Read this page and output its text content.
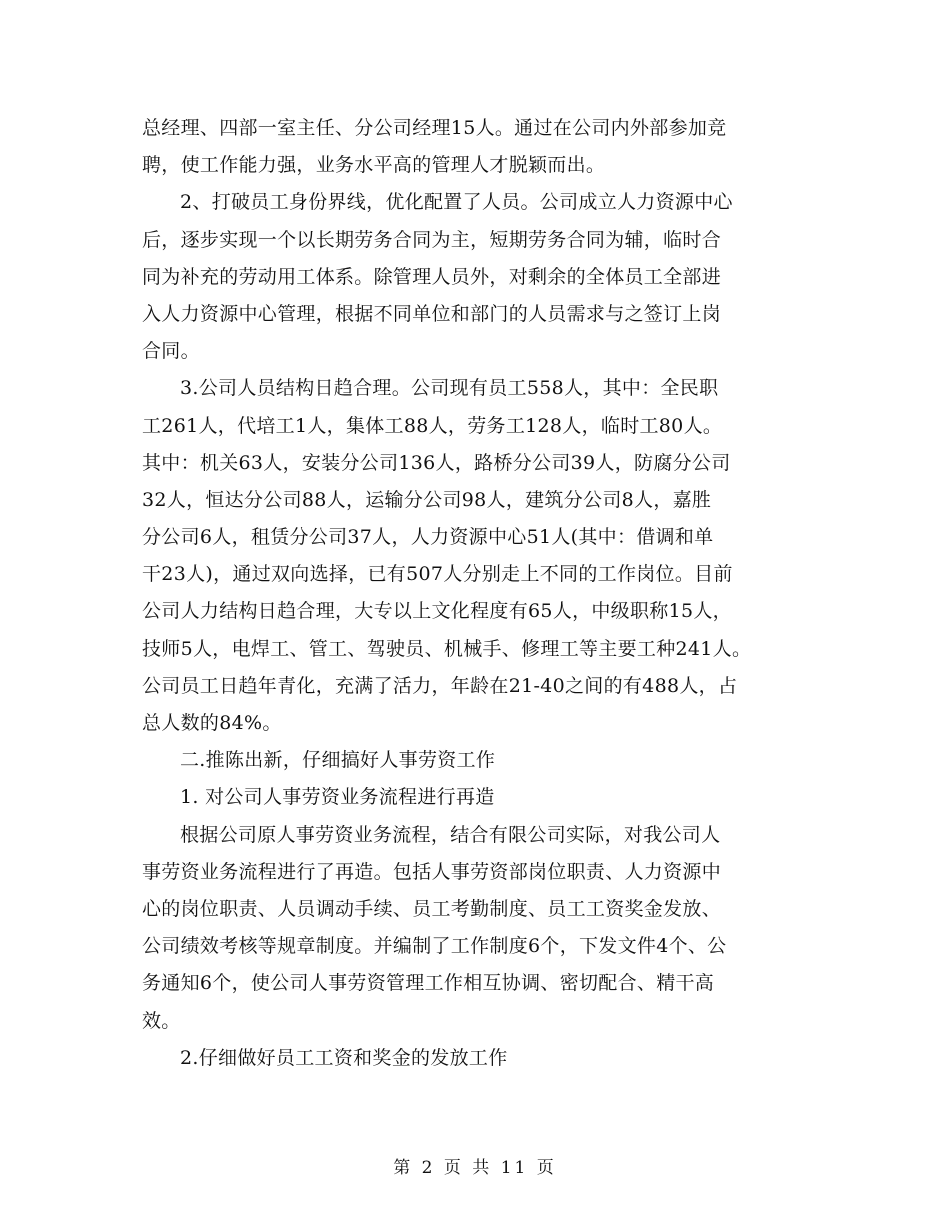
总经理、四部一室主任、分公司经理15人。通过在公司内外部参加竞
聘，使工作能力强，业务水平高的管理人才脱颖而出。
2、打破员工身份界线，优化配置了人员。公司成立人力资源中心
后，逐步实现一个以长期劳务合同为主，短期劳务合同为辅，临时合
同为补充的劳动用工体系。除管理人员外，对剩余的全体员工全部进
入人力资源中心管理，根据不同单位和部门的人员需求与之签订上岗
合同。
3.公司人员结构日趋合理。公司现有员工558人，其中：全民职
工261人，代培工1人，集体工88人，劳务工128人，临时工80人。
其中：机关63人，安装分公司136人，路桥分公司39人，防腐分公司
32人，恒达分公司88人，运输分公司98人，建筑分公司8人，嘉胜
分公司6人，租赁分公司37人，人力资源中心51人(其中：借调和单
干23人)，通过双向选择，已有507人分别走上不同的工作岗位。目前
公司人力结构日趋合理，大专以上文化程度有65人，中级职称15人，
技师5人，电焊工、管工、驾驶员、机械手、修理工等主要工种241人。
公司员工日趋年青化，充满了活力，年龄在21-40之间的有488人，占
总人数的84%。
二.推陈出新，仔细搞好人事劳资工作
1. 对公司人事劳资业务流程进行再造
根据公司原人事劳资业务流程，结合有限公司实际，对我公司人
事劳资业务流程进行了再造。包括人事劳资部岗位职责、人力资源中
心的岗位职责、人员调动手续、员工考勤制度、员工工资奖金发放、
公司绩效考核等规章制度。并编制了工作制度6个，下发文件4个、公
务通知6个，使公司人事劳资管理工作相互协调、密切配合、精干高
效。
2.仔细做好员工工资和奖金的发放工作
第 2 页 共 11 页
